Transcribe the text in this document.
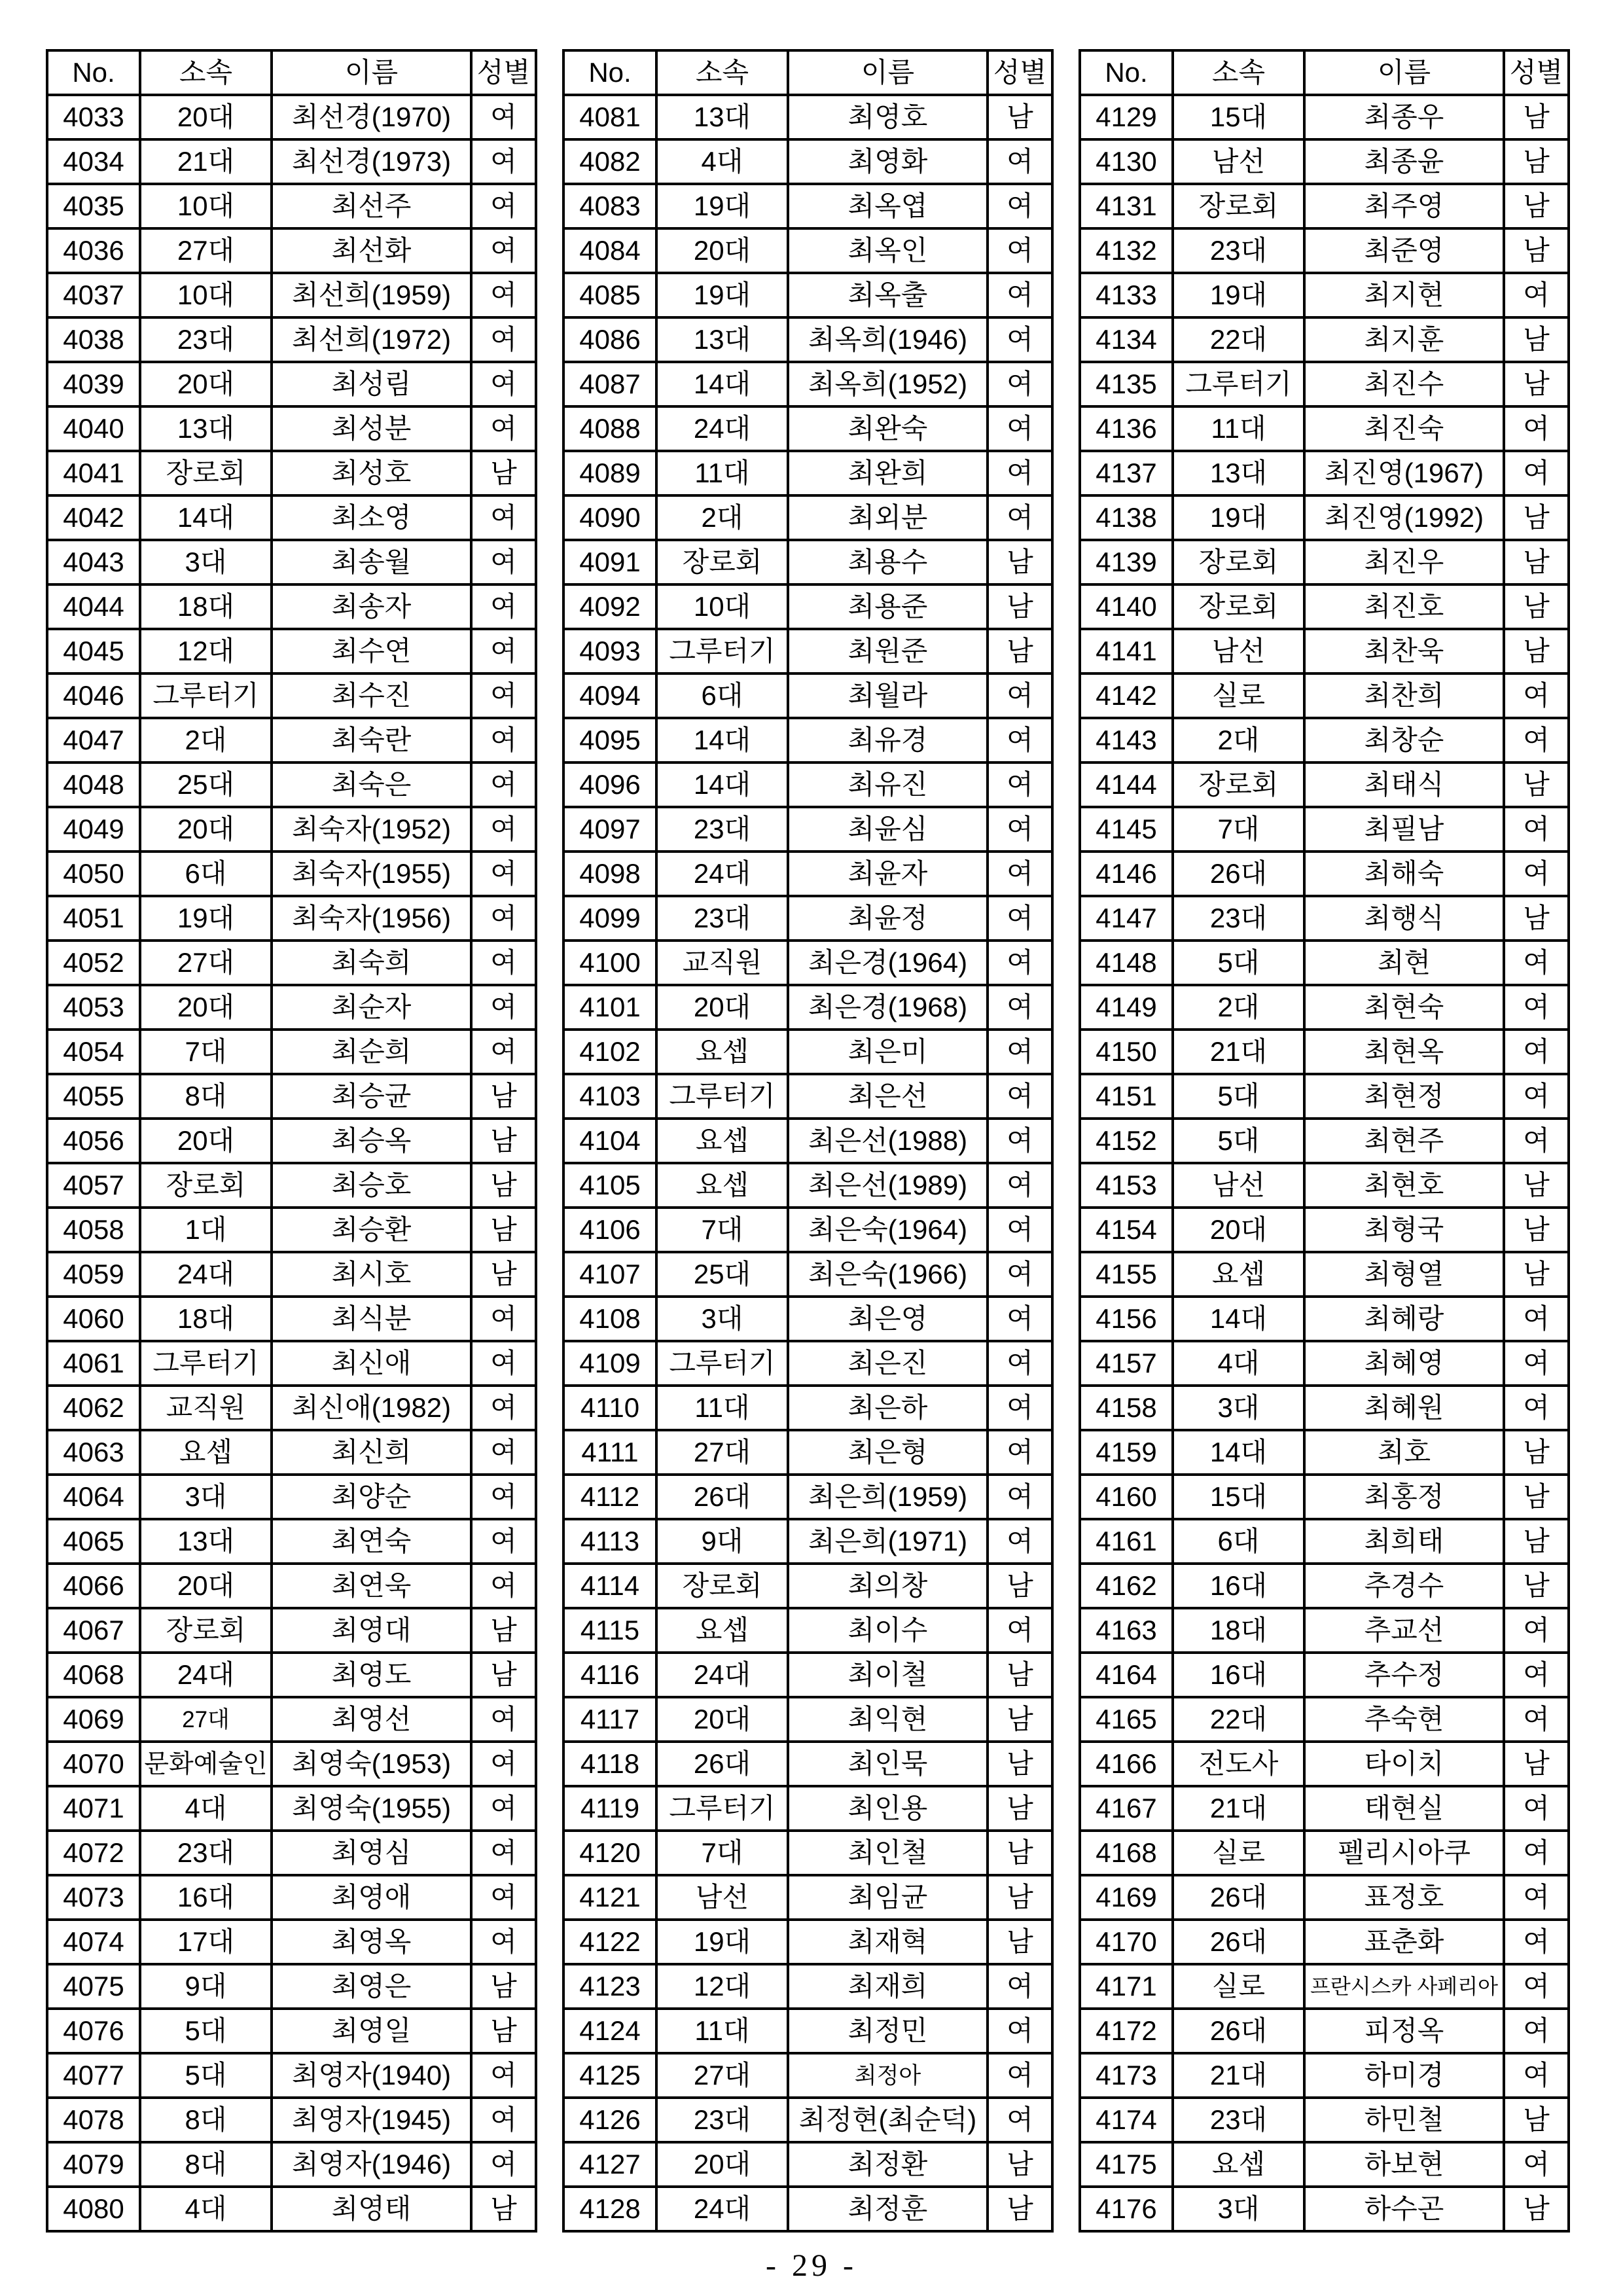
No.	소속	이름	성별
4033	20대	최선경(1970)	여
4034	21대	최선경(1973)	여
4035	10대	최선주	여
4036	27대	최선화	여
4037	10대	최선희(1959)	여
4038	23대	최선희(1972)	여
4039	20대	최성림	여
4040	13대	최성분	여
4041	장로회	최성호	남
4042	14대	최소영	여
4043	3대	최송월	여
4044	18대	최송자	여
4045	12대	최수연	여
4046	그루터기	최수진	여
4047	2대	최숙란	여
4048	25대	최숙은	여
4049	20대	최숙자(1952)	여
4050	6대	최숙자(1955)	여
4051	19대	최숙자(1956)	여
4052	27대	최숙희	여
4053	20대	최순자	여
4054	7대	최순희	여
4055	8대	최승균	남
4056	20대	최승옥	남
4057	장로회	최승호	남
4058	1대	최승환	남
4059	24대	최시호	남
4060	18대	최식분	여
4061	그루터기	최신애	여
4062	교직원	최신애(1982)	여
4063	요셉	최신희	여
4064	3대	최양순	여
4065	13대	최연숙	여
4066	20대	최연욱	여
4067	장로회	최영대	남
4068	24대	최영도	남
4069	27대	최영선	여
4070	문화예술인	최영숙(1953)	여
4071	4대	최영숙(1955)	여
4072	23대	최영심	여
4073	16대	최영애	여
4074	17대	최영옥	여
4075	9대	최영은	남
4076	5대	최영일	남
4077	5대	최영자(1940)	여
4078	8대	최영자(1945)	여
4079	8대	최영자(1946)	여
4080	4대	최영태	남
No.	소속	이름	성별
4081	13대	최영호	남
4082	4대	최영화	여
4083	19대	최옥엽	여
4084	20대	최옥인	여
4085	19대	최옥출	여
4086	13대	최옥희(1946)	여
4087	14대	최옥희(1952)	여
4088	24대	최완숙	여
4089	11대	최완희	여
4090	2대	최외분	여
4091	장로회	최용수	남
4092	10대	최용준	남
4093	그루터기	최원준	남
4094	6대	최월라	여
4095	14대	최유경	여
4096	14대	최유진	여
4097	23대	최윤심	여
4098	24대	최윤자	여
4099	23대	최윤정	여
4100	교직원	최은경(1964)	여
4101	20대	최은경(1968)	여
4102	요셉	최은미	여
4103	그루터기	최은선	여
4104	요셉	최은선(1988)	여
4105	요셉	최은선(1989)	여
4106	7대	최은숙(1964)	여
4107	25대	최은숙(1966)	여
4108	3대	최은영	여
4109	그루터기	최은진	여
4110	11대	최은하	여
4111	27대	최은형	여
4112	26대	최은희(1959)	여
4113	9대	최은희(1971)	여
4114	장로회	최의창	남
4115	요셉	최이수	여
4116	24대	최이철	남
4117	20대	최익현	남
4118	26대	최인묵	남
4119	그루터기	최인용	남
4120	7대	최인철	남
4121	남선	최임균	남
4122	19대	최재혁	남
4123	12대	최재희	여
4124	11대	최정민	여
4125	27대	최정아	여
4126	23대	최정현(최순덕)	여
4127	20대	최정환	남
4128	24대	최정훈	남
No.	소속	이름	성별
4129	15대	최종우	남
4130	남선	최종윤	남
4131	장로회	최주영	남
4132	23대	최준영	남
4133	19대	최지현	여
4134	22대	최지훈	남
4135	그루터기	최진수	남
4136	11대	최진숙	여
4137	13대	최진영(1967)	여
4138	19대	최진영(1992)	남
4139	장로회	최진우	남
4140	장로회	최진호	남
4141	남선	최찬욱	남
4142	실로	최찬희	여
4143	2대	최창순	여
4144	장로회	최태식	남
4145	7대	최필남	여
4146	26대	최해숙	여
4147	23대	최행식	남
4148	5대	최현	여
4149	2대	최현숙	여
4150	21대	최현옥	여
4151	5대	최현정	여
4152	5대	최현주	여
4153	남선	최현호	남
4154	20대	최형국	남
4155	요셉	최형열	남
4156	14대	최혜랑	여
4157	4대	최혜영	여
4158	3대	최혜원	여
4159	14대	최호	남
4160	15대	최홍정	남
4161	6대	최희태	남
4162	16대	추경수	남
4163	18대	추교선	여
4164	16대	추수정	여
4165	22대	추숙현	여
4166	전도사	타이치	남
4167	21대	태현실	여
4168	실로	펠리시아쿠	여
4169	26대	표정호	여
4170	26대	표춘화	여
4171	실로	프란시스카 사페리아	여
4172	26대	피정옥	여
4173	21대	하미경	여
4174	23대	하민철	남
4175	요셉	하보현	여
4176	3대	하수곤	남
- 29 -
